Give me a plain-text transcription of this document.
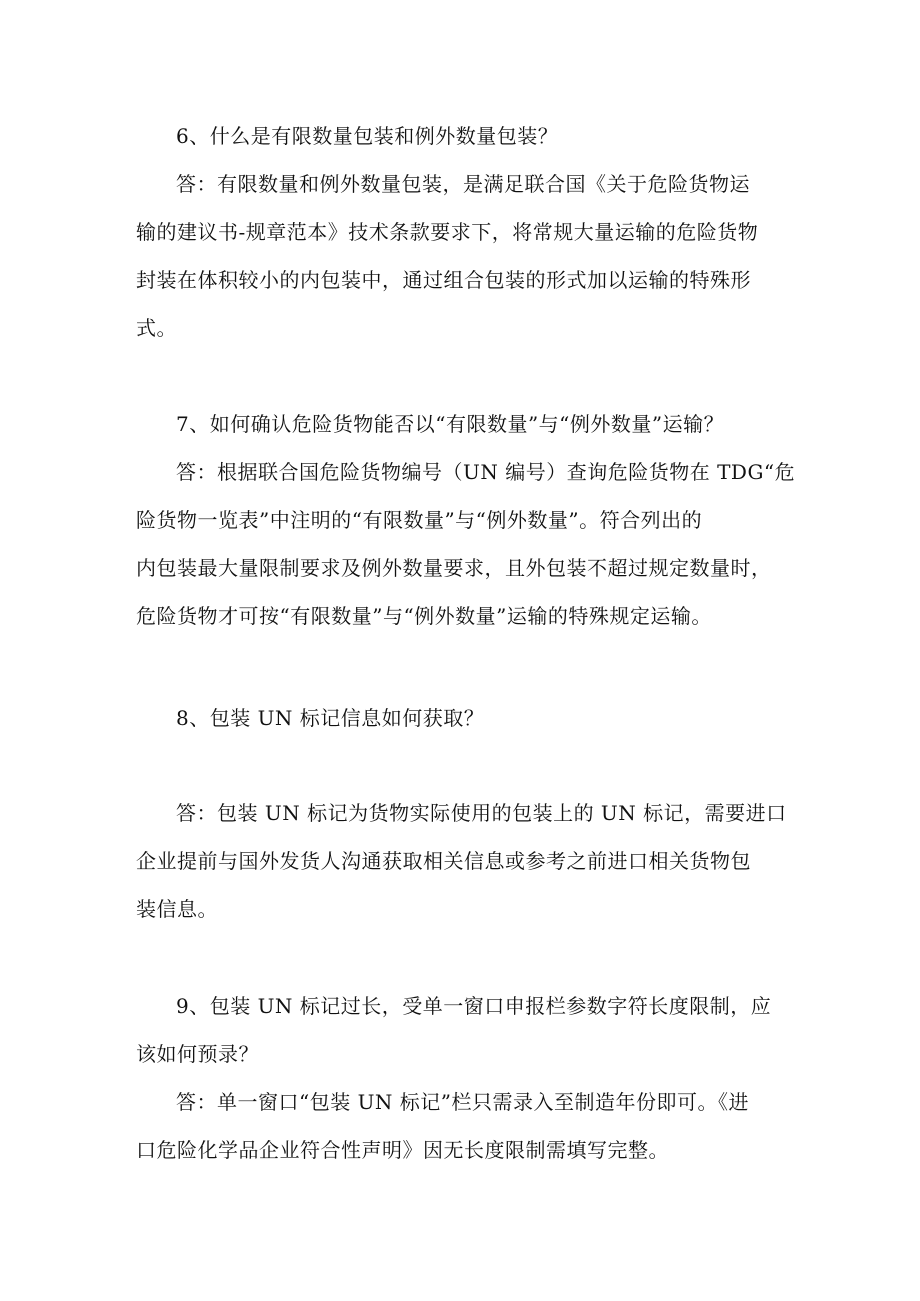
6、什么是有限数量包装和例外数量包装？
答：有限数量和例外数量包装，是满足联合国《关于危险货物运
输的建议书-规章范本》技术条款要求下，将常规大量运输的危险货物
封装在体积较小的内包装中，通过组合包装的形式加以运输的特殊形
式。
7、如何确认危险货物能否以“有限数量”与“例外数量”运输？
答：根据联合国危险货物编号（UN 编号）查询危险货物在 TDG“危
险货物一览表”中注明的“有限数量”与“例外数量”。符合列出的
内包装最大量限制要求及例外数量要求，且外包装不超过规定数量时，
危险货物才可按“有限数量”与“例外数量”运输的特殊规定运输。
8、包装 UN 标记信息如何获取？
答：包装 UN 标记为货物实际使用的包装上的 UN 标记，需要进口
企业提前与国外发货人沟通获取相关信息或参考之前进口相关货物包
装信息。
9、包装 UN 标记过长，受单一窗口申报栏参数字符长度限制，应
该如何预录？
答：单一窗口“包装 UN 标记”栏只需录入至制造年份即可。《进
口危险化学品企业符合性声明》因无长度限制需填写完整。
